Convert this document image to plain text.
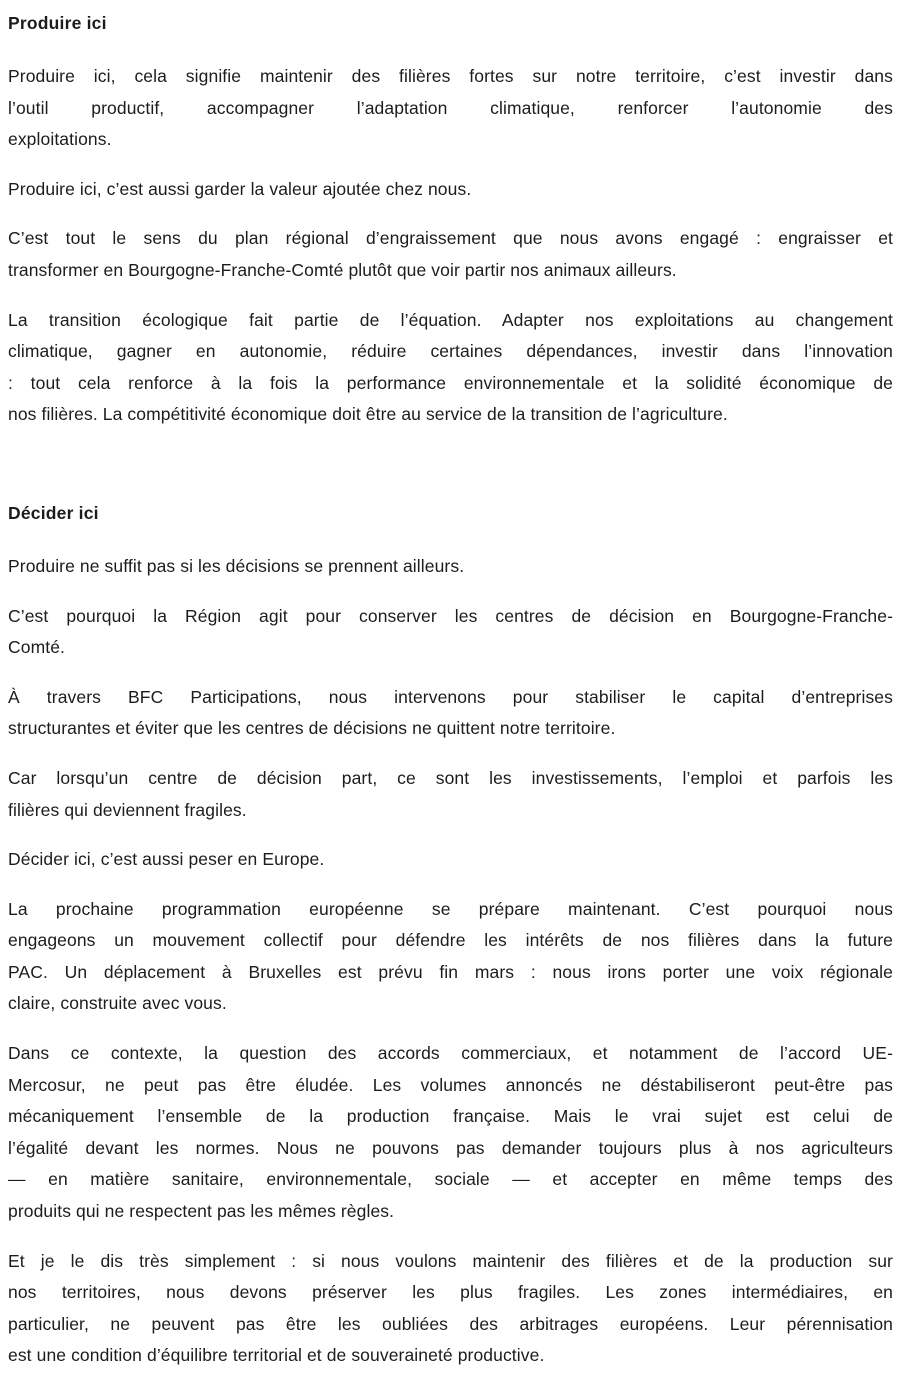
Produire ici
Produire ici, cela signifie maintenir des filières fortes sur notre territoire, c’est investir dans
l’outil productif, accompagner l’adaptation climatique, renforcer l’autonomie des
exploitations.
Produire ici, c’est aussi garder la valeur ajoutée chez nous.
C’est tout le sens du plan régional d’engraissement que nous avons engagé : engraisser et
transformer en Bourgogne-Franche-Comté plutôt que voir partir nos animaux ailleurs.
La transition écologique fait partie de l’équation. Adapter nos exploitations au changement
climatique, gagner en autonomie, réduire certaines dépendances, investir dans l’innovation
: tout cela renforce à la fois la performance environnementale et la solidité économique de
nos filières. La compétitivité économique doit être au service de la transition de l’agriculture.
Décider ici
Produire ne suffit pas si les décisions se prennent ailleurs.
C’est pourquoi la Région agit pour conserver les centres de décision en Bourgogne-Franche-
Comté.
À travers BFC Participations, nous intervenons pour stabiliser le capital d’entreprises
structurantes et éviter que les centres de décisions ne quittent notre territoire.
Car lorsqu’un centre de décision part, ce sont les investissements, l’emploi et parfois les
filières qui deviennent fragiles.
Décider ici, c’est aussi peser en Europe.
La prochaine programmation européenne se prépare maintenant. C’est pourquoi nous
engageons un mouvement collectif pour défendre les intérêts de nos filières dans la future
PAC. Un déplacement à Bruxelles est prévu fin mars : nous irons porter une voix régionale
claire, construite avec vous.
Dans ce contexte, la question des accords commerciaux, et notamment de l’accord UE-
Mercosur, ne peut pas être éludée. Les volumes annoncés ne déstabiliseront peut-être pas
mécaniquement l’ensemble de la production française. Mais le vrai sujet est celui de
l’égalité devant les normes. Nous ne pouvons pas demander toujours plus à nos agriculteurs
— en matière sanitaire, environnementale, sociale — et accepter en même temps des
produits qui ne respectent pas les mêmes règles.
Et je le dis très simplement : si nous voulons maintenir des filières et de la production sur
nos territoires, nous devons préserver les plus fragiles. Les zones intermédiaires, en
particulier, ne peuvent pas être les oubliées des arbitrages européens. Leur pérennisation
est une condition d’équilibre territorial et de souveraineté productive.
